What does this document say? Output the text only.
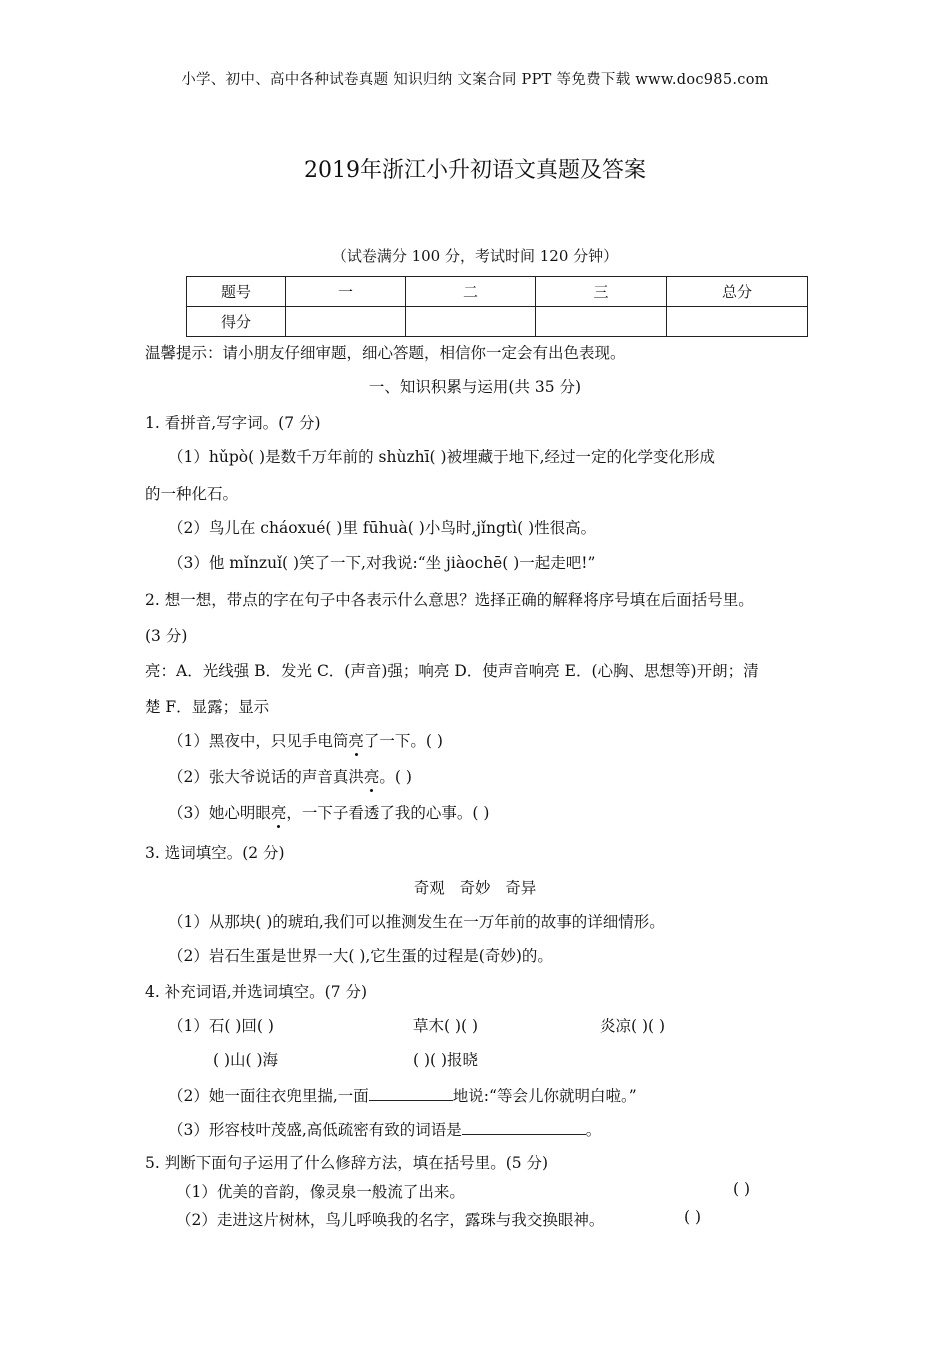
小学、初中、高中各种试卷真题 知识归纳 文案合同 PPT 等免费下载 www.doc985.com
2019年浙江小升初语文真题及答案
（试卷满分 100 分，考试时间 120 分钟）
题号	一	二	三	总分
得分				
温馨提示：请小朋友仔细审题，细心答题，相信你一定会有出色表现。
一、知识积累与运用(共 35 分)
1. 看拼音,写字词。(7 分)
（1）hǔpò( )是数千万年前的 shùzhī( )被埋藏于地下,经过一定的化学变化形成
的一种化石。
（2）鸟儿在 cháoxué( )里 fūhuà( )小鸟时,jǐngtì( )性很高。
（3）他 mǐnzuǐ( )笑了一下,对我说:“坐 jiàochē( )一起走吧!”
2. 想一想，带点的字在句子中各表示什么意思？选择正确的解释将序号填在后面括号里。
(3 分)
亮：A．光线强 B．发光 C．(声音)强；响亮 D．使声音响亮 E．(心胸、思想等)开朗；清
楚 F．显露；显示
（1）黑夜中，只见手电筒亮了一下。( )
（2）张大爷说话的声音真洪亮。( )
（3）她心明眼亮，一下子看透了我的心事。( )
3. 选词填空。(2 分)
奇观   奇妙   奇异
（1）从那块( )的琥珀,我们可以推测发生在一万年前的故事的详细情形。
（2）岩石生蛋是世界一大( ),它生蛋的过程是(奇妙)的。
4. 补充词语,并选词填空。(7 分)
（1）石( )回( )	草木( )( )	炎凉( )( )
( )山( )海	( )( )报晓
（2）她一面往衣兜里揣,一面	地说:“等会儿你就明白啦。”
（3）形容枝叶茂盛,高低疏密有致的词语是	。
5. 判断下面句子运用了什么修辞方法，填在括号里。(5 分)
（1）优美的音韵，像灵泉一般流了出来。	( )
（2）走进这片树林，鸟儿呼唤我的名字，露珠与我交换眼神。	( )
